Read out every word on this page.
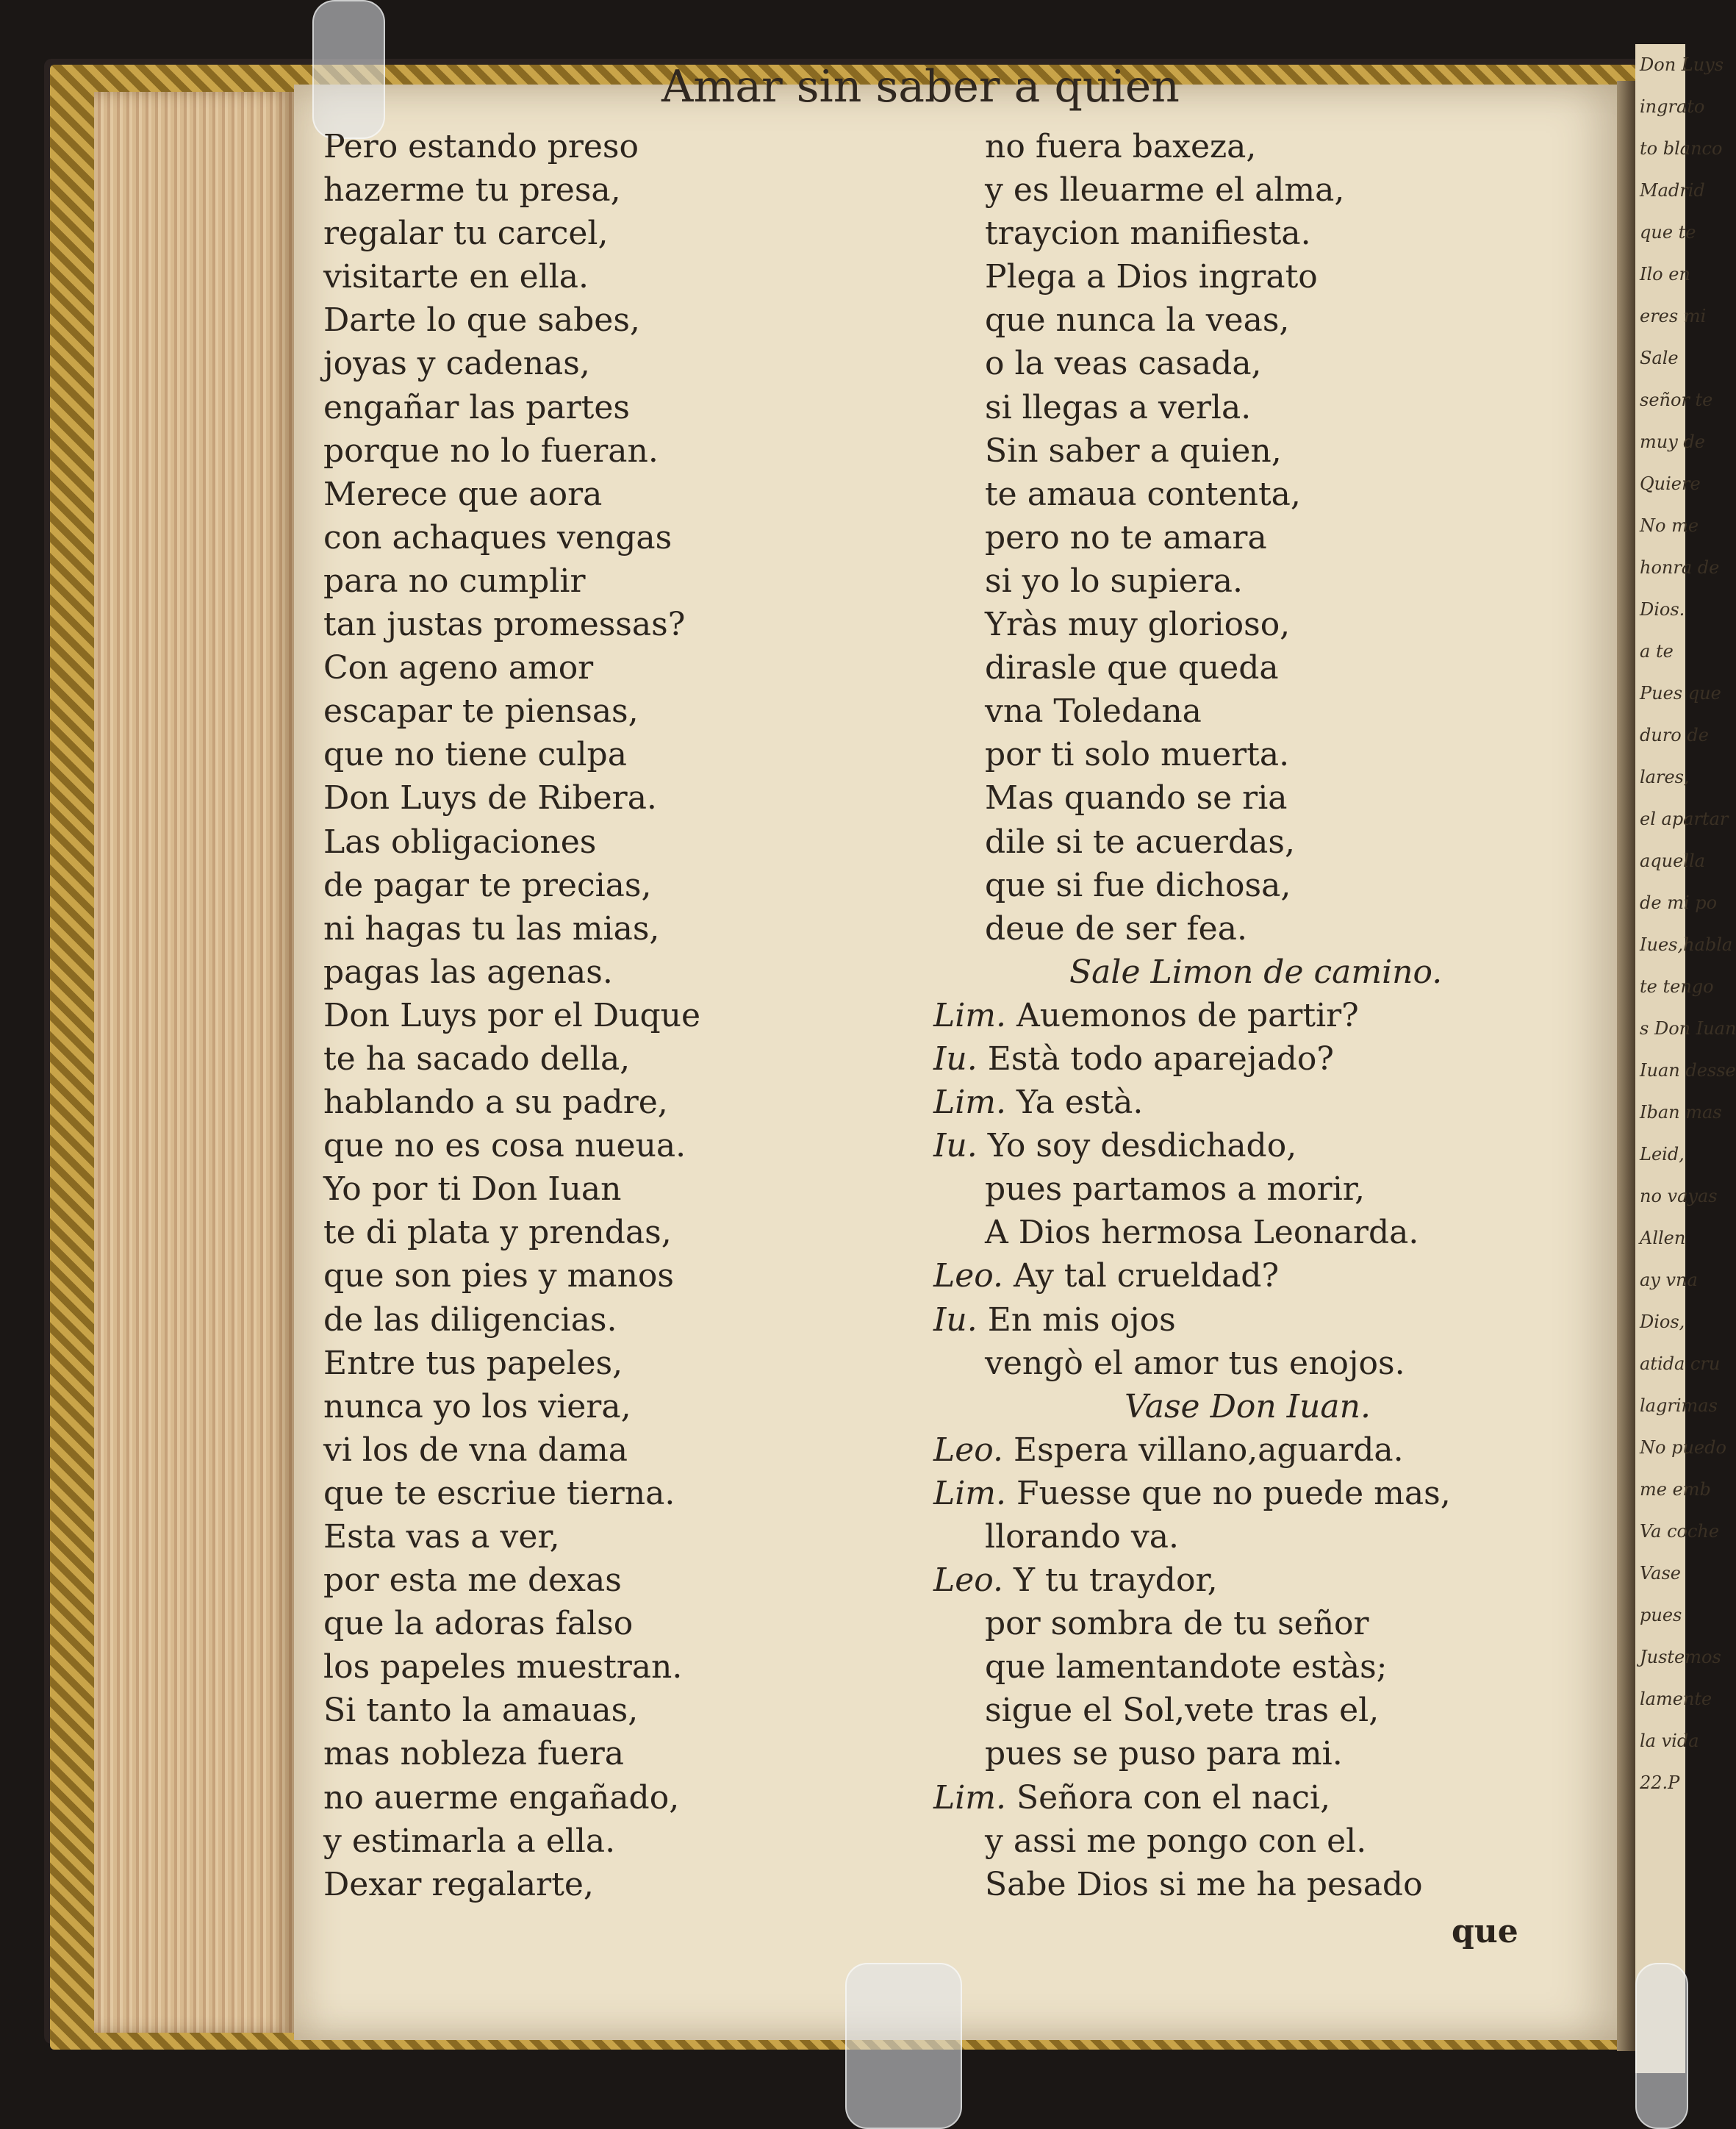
Don Luys
ingrato
to blanco
Madrid
que te
Ilo en
eres mi
Sale
señor te
muy de
Quiere
No me
honra de
Dios.
a te
Pues que
duro de
lares,
el apartar
aquella
de mi po
Iues,habla
te tengo
s Don Iuan
Iuan desse
Iban mas
Leid,
no vayas
Allen
ay vna
Dios,
atida cru
lagrimas
No puedo
me emb
Va coche
Vase
pues
Justemos
lamente
la vida
22.P
Amar sin saber a quien
Pero estando preso
hazerme tu presa,
regalar tu carcel,
visitarte en ella.
Darte lo que sabes,
joyas y cadenas,
engañar las partes
porque no lo fueran.
Merece que aora
con achaques vengas
para no cumplir
tan justas promessas?
Con ageno amor
escapar te piensas,
que no tiene culpa
Don Luys de Ribera.
Las obligaciones
de pagar te precias,
ni hagas tu las mias,
pagas las agenas.
Don Luys por el Duque
te ha sacado della,
hablando a su padre,
que no es cosa nueua.
Yo por ti Don Iuan
te di plata y prendas,
que son pies y manos
de las diligencias.
Entre tus papeles,
nunca yo los viera,
vi los de vna dama
que te escriue tierna.
Esta vas a ver,
por esta me dexas
que la adoras falso
los papeles muestran.
Si tanto la amauas,
mas nobleza fuera
no auerme engañado,
y estimarla a ella.
Dexar regalarte,
no fuera baxeza,
y es lleuarme el alma,
traycion manifiesta.
Plega a Dios ingrato
que nunca la veas,
o la veas casada,
si llegas a verla.
Sin saber a quien,
te amaua contenta,
pero no te amara
si yo lo supiera.
Yràs muy glorioso,
dirasle que queda
vna Toledana
por ti solo muerta.
Mas quando se ria
dile si te acuerdas,
que si fue dichosa,
deue de ser fea.
Sale Limon de camino.
Lim. Auemonos de partir?
Iu. Està todo aparejado?
Lim. Ya està.
Iu. Yo soy desdichado,
pues partamos a morir,
A Dios hermosa Leonarda.
Leo. Ay tal crueldad?
Iu. En mis ojos
vengò el amor tus enojos.
Vase Don Iuan.
Leo. Espera villano,aguarda.
Lim. Fuesse que no puede mas,
llorando va.
Leo. Y tu traydor,
por sombra de tu señor
que lamentandote estàs;
sigue el Sol,vete tras el,
pues se puso para mi.
Lim. Señora con el naci,
y assi me pongo con el.
Sabe Dios si me ha pesado
que
